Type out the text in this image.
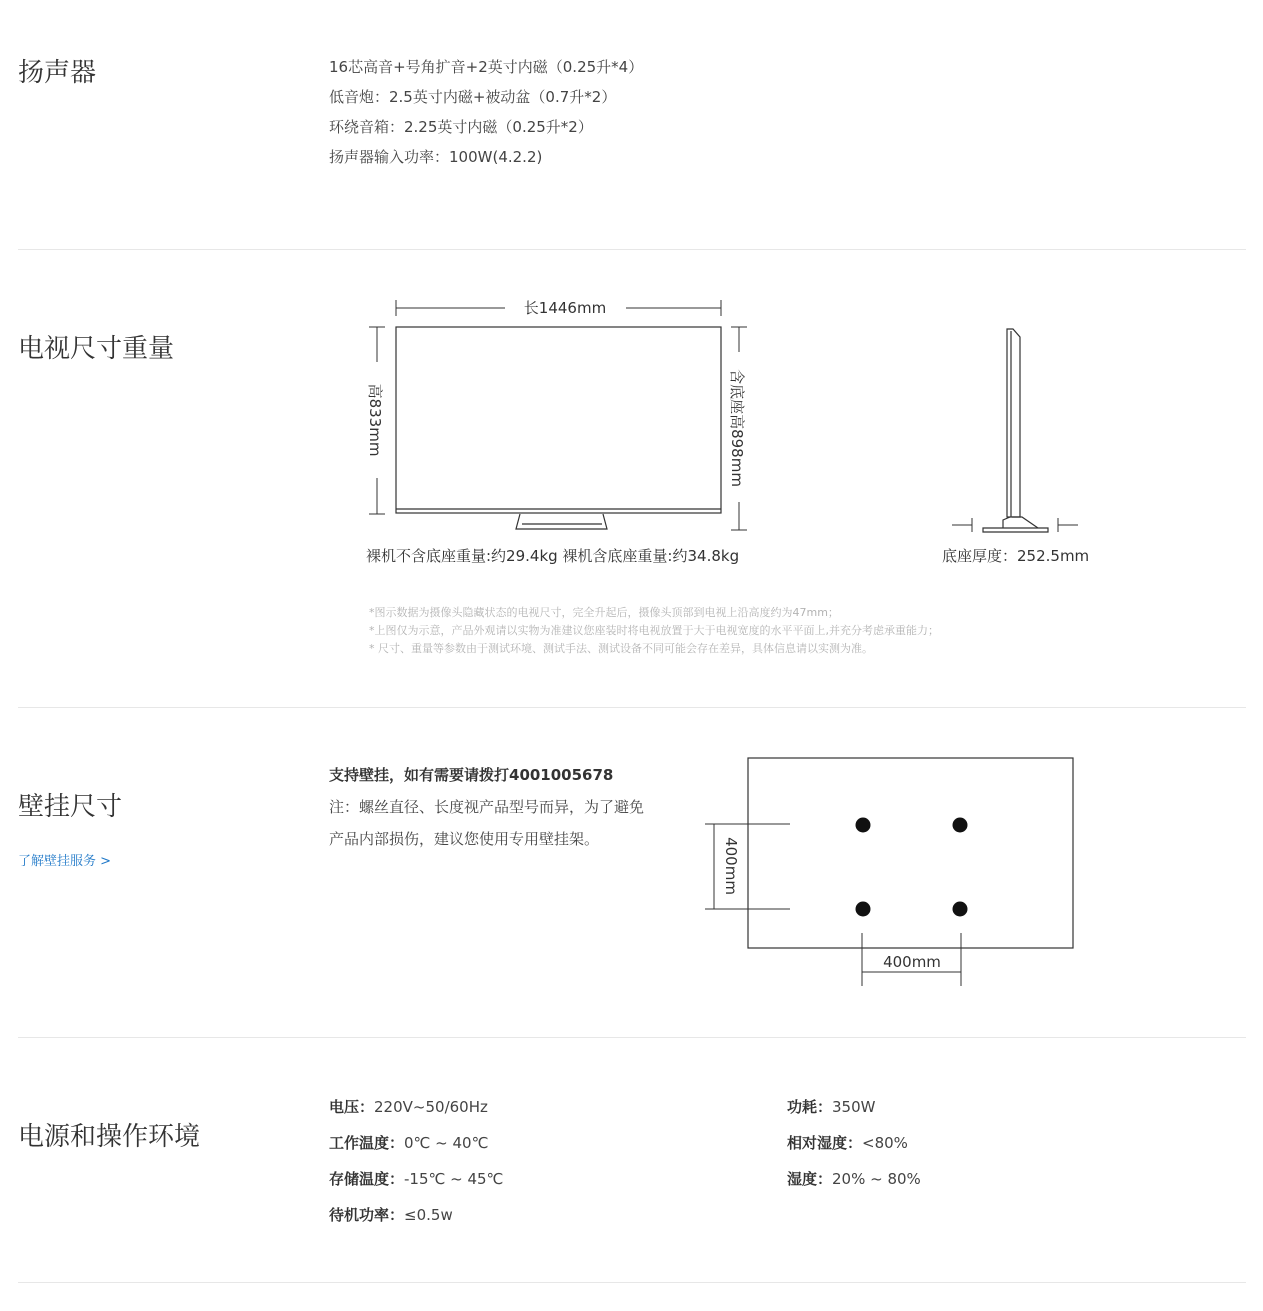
扬声器	16芯高音+号角扩音+2英寸内磁（0.25升*4）
低音炮：2.5英寸内磁+被动盆（0.7升*2）
环绕音箱：2.25英寸内磁（0.25升*2）
扬声器输入功率：100W(4.2.2)
电视尺寸重量
长1446mm
高833mm	含底座高898mm
裸机不含底座重量:约29.4kg 裸机含底座重量:约34.8kg	底座厚度：252.5mm
*图示数据为摄像头隐藏状态的电视尺寸，完全升起后，摄像头顶部到电视上沿高度约为47mm；
*上图仅为示意，产品外观请以实物为准建议您座装时将电视放置于大于电视宽度的水平平面上,并充分考虑承重能力；
* 尺寸、重量等参数由于测试环境、测试手法、测试设备不同可能会存在差异，具体信息请以实测为准。
壁挂尺寸
了解壁挂服务 >
支持壁挂，如有需要请拨打4001005678
注：螺丝直径、长度视产品型号而异，为了避免
产品内部损伤，建议您使用专用壁挂架。	400mm
400mm
电源和操作环境
电压：220V~50/60Hz
工作温度：0℃ ~ 40℃
存储温度：-15℃ ~ 45℃
待机功率：≤0.5w
功耗：350W
相对湿度：<80%
湿度：20% ~ 80%
